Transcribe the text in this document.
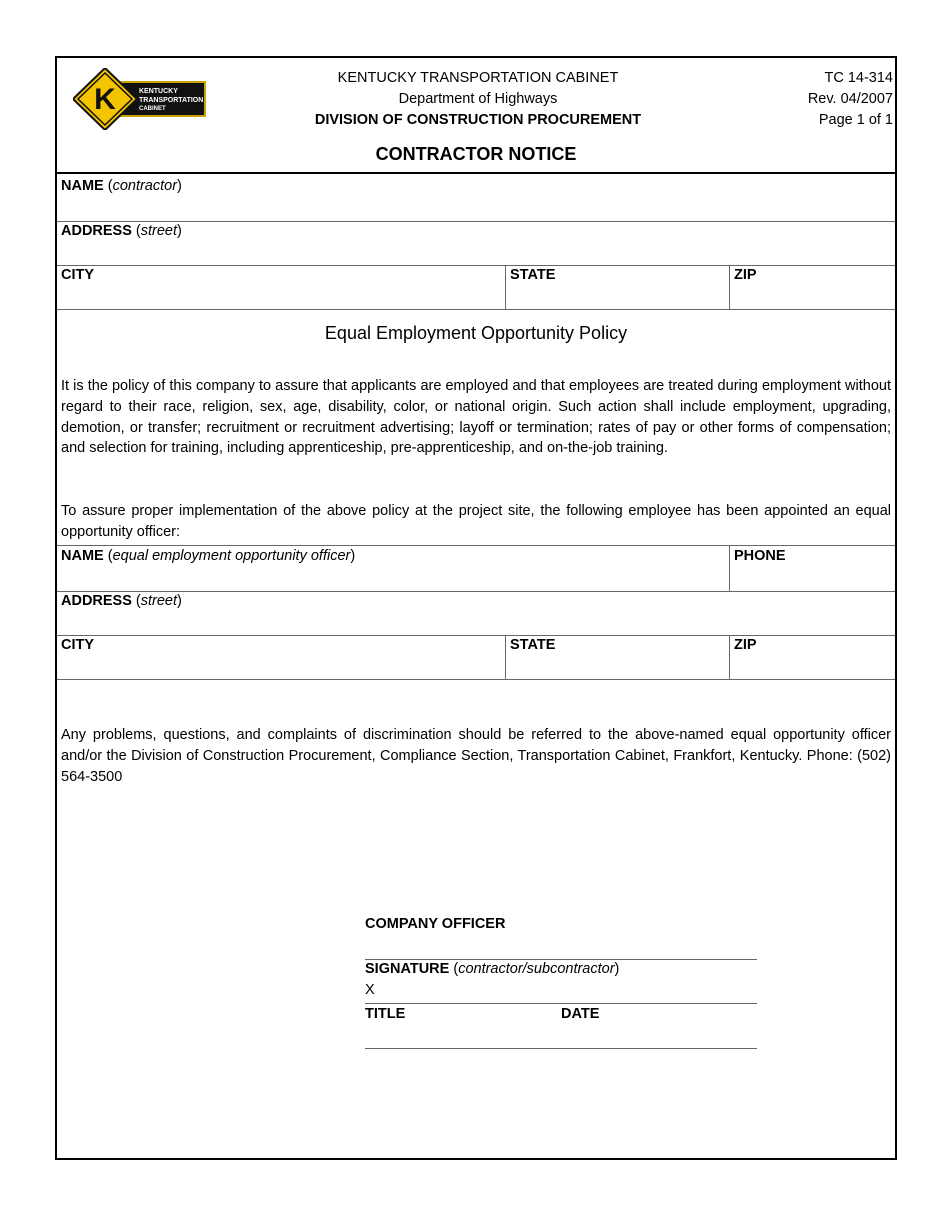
K	KENTUCKY
TRANSPORTATION
CABINET
KENTUCKY TRANSPORTATION CABINET
Department of Highways
DIVISION OF CONSTRUCTION PROCUREMENT
TC 14-314
Rev. 04/2007
Page 1 of 1
CONTRACTOR NOTICE
NAME (contractor)
ADDRESS (street)
CITY	STATE	ZIP
Equal Employment Opportunity Policy
It is the policy of this company to assure that applicants are employed and that employees are treated during employment without regard to their race, religion, sex, age, disability, color, or national origin. Such action shall include employment, upgrading, demotion, or transfer; recruitment or recruitment advertising; layoff or termination; rates of pay or other forms of compensation; and selection for training, including apprenticeship, pre-apprenticeship, and on-the-job training.
To assure proper implementation of the above policy at the project site, the following employee has been appointed an equal opportunity officer:
NAME (equal employment opportunity officer)	PHONE
ADDRESS (street)
CITY	STATE	ZIP
Any problems, questions, and complaints of discrimination should be referred to the above-named equal opportunity officer and/or the Division of Construction Procurement, Compliance Section, Transportation Cabinet, Frankfort, Kentucky. Phone: (502) 564-3500
COMPANY OFFICER
SIGNATURE (contractor/subcontractor)
X
TITLE	DATE
